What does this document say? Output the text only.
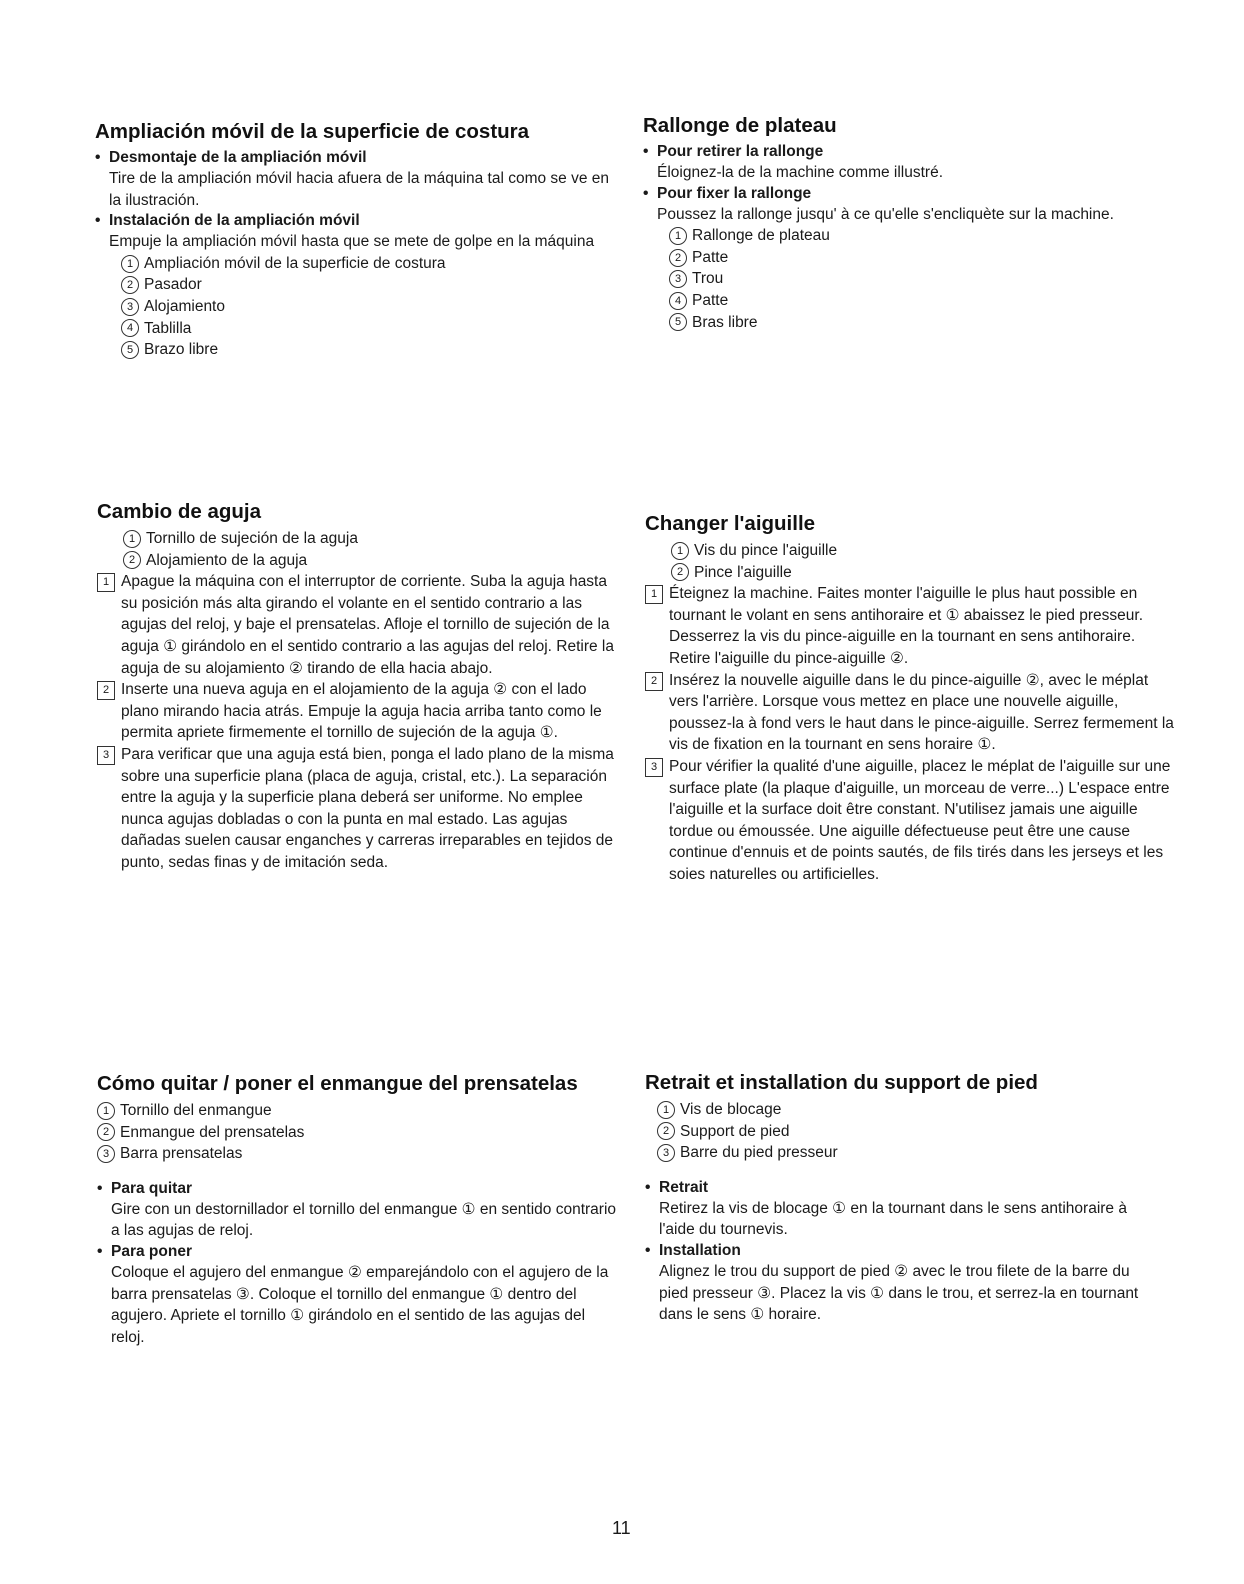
Ampliación móvil de la superficie de costura
• Desmontaje de la ampliación móvil
Tire de la ampliación móvil hacia afuera de la máquina tal como se ve en la ilustración.
• Instalación de la ampliación móvil
Empuje la ampliación móvil hasta que se mete de golpe en la máquina
1 Ampliación móvil de la superficie de costura
2 Pasador
3 Alojamiento
4 Tablilla
5 Brazo libre
Rallonge de plateau
• Pour retirer la rallonge
Éloignez-la de la machine comme illustré.
• Pour fixer la rallonge
Poussez la rallonge jusqu' à ce qu'elle s'encliquète sur la machine.
1 Rallonge de plateau
2 Patte
3 Trou
4 Patte
5 Bras libre
Cambio de aguja
1 Tornillo de sujeción de la aguja
2 Alojamiento de la aguja
1 Apague la máquina con el interruptor de corriente. Suba la aguja hasta su posición más alta girando el volante en el sentido contrario a las agujas del reloj, y baje el prensatelas. Afloje el tornillo de sujeción de la aguja ① girándolo en el sentido contrario a las agujas del reloj. Retire la aguja de su alojamiento ② tirando de ella hacia abajo.
2 Inserte una nueva aguja en el alojamiento de la aguja ② con el lado plano mirando hacia atrás. Empuje la aguja hacia arriba tanto como le permita apriete firmemente el tornillo de sujeción de la aguja ①.
3 Para verificar que una aguja está bien, ponga el lado plano de la misma sobre una superficie plana (placa de aguja, cristal, etc.). La separación entre la aguja y la superficie plana deberá ser uniforme. No emplee nunca agujas dobladas o con la punta en mal estado. Las agujas dañadas suelen causar enganches y carreras irreparables en tejidos de punto, sedas finas y de imitación seda.
Changer l'aiguille
1 Vis du pince l'aiguille
2 Pince l'aiguille
1 Éteignez la machine. Faites monter l'aiguille le plus haut possible en tournant le volant en sens antihoraire et ① abaissez le pied presseur. Desserrez la vis du pince-aiguille en la tournant en sens antihoraire. Retire l'aiguille du pince-aiguille ②.
2 Insérez la nouvelle aiguille dans le du pince-aiguille ②, avec le méplat vers l'arrière. Lorsque vous mettez en place une nouvelle aiguille, poussez-la à fond vers le haut dans le pince-aiguille. Serrez fermement la vis de fixation en la tournant en sens horaire ①.
3 Pour vérifier la qualité d'une aiguille, placez le méplat de l'aiguille sur une surface plate (la plaque d'aiguille, un morceau de verre...) L'espace entre l'aiguille et la surface doit être constant. N'utilisez jamais une aiguille tordue ou émoussée. Une aiguille défectueuse peut être une cause continue d'ennuis et de points sautés, de fils tirés dans les jerseys et les soies naturelles ou artificielles.
Cómo quitar / poner el enmangue del prensatelas
1 Tornillo del enmangue
2 Enmangue del prensatelas
3 Barra prensatelas
• Para quitar
Gire con un destornillador el tornillo del enmangue ① en sentido contrario a las agujas de reloj.
• Para poner
Coloque el agujero del enmangue ② emparejándolo con el agujero de la barra prensatelas ③. Coloque el tornillo del enmangue ① dentro del agujero. Apriete el tornillo ① girándolo en el sentido de las agujas del reloj.
Retrait et installation du support de pied
1 Vis de blocage
2 Support de pied
3 Barre du pied presseur
• Retrait
Retirez la vis de blocage ① en la tournant dans le sens antihoraire à l'aide du tournevis.
• Installation
Alignez le trou du support de pied ② avec le trou filete de la barre du pied presseur ③. Placez la vis ① dans le trou, et serrez-la en tournant dans le sens ① horaire.
11
